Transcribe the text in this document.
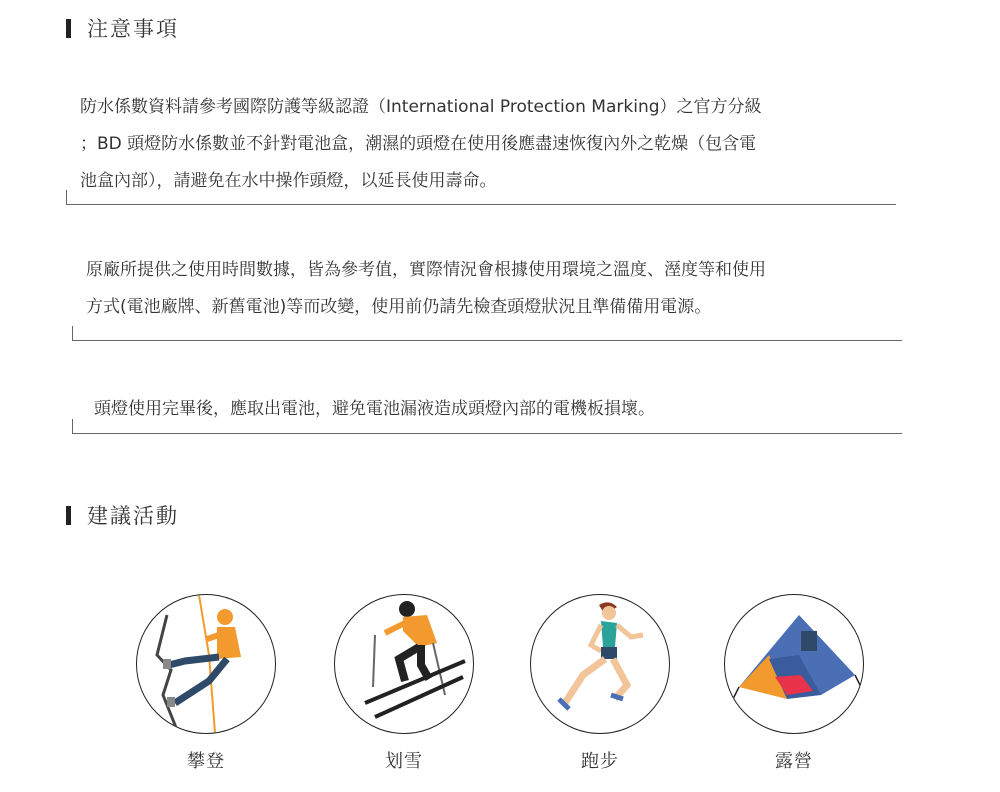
注意事項
防水係數資料請參考國際防護等級認證（International Protection Marking）之官方分級
；BD 頭燈防水係數並不針對電池盒，潮濕的頭燈在使用後應盡速恢復內外之乾燥（包含電
池盒內部），請避免在水中操作頭燈，以延長使用壽命。
原廠所提供之使用時間數據，皆為參考值，實際情況會根據使用環境之溫度、溼度等和使用
方式(電池廠牌、新舊電池)等而改變，使用前仍請先檢查頭燈狀況且準備備用電源。
頭燈使用完畢後，應取出電池，避免電池漏液造成頭燈內部的電機板損壞。
建議活動
攀登	划雪	跑步	露營
